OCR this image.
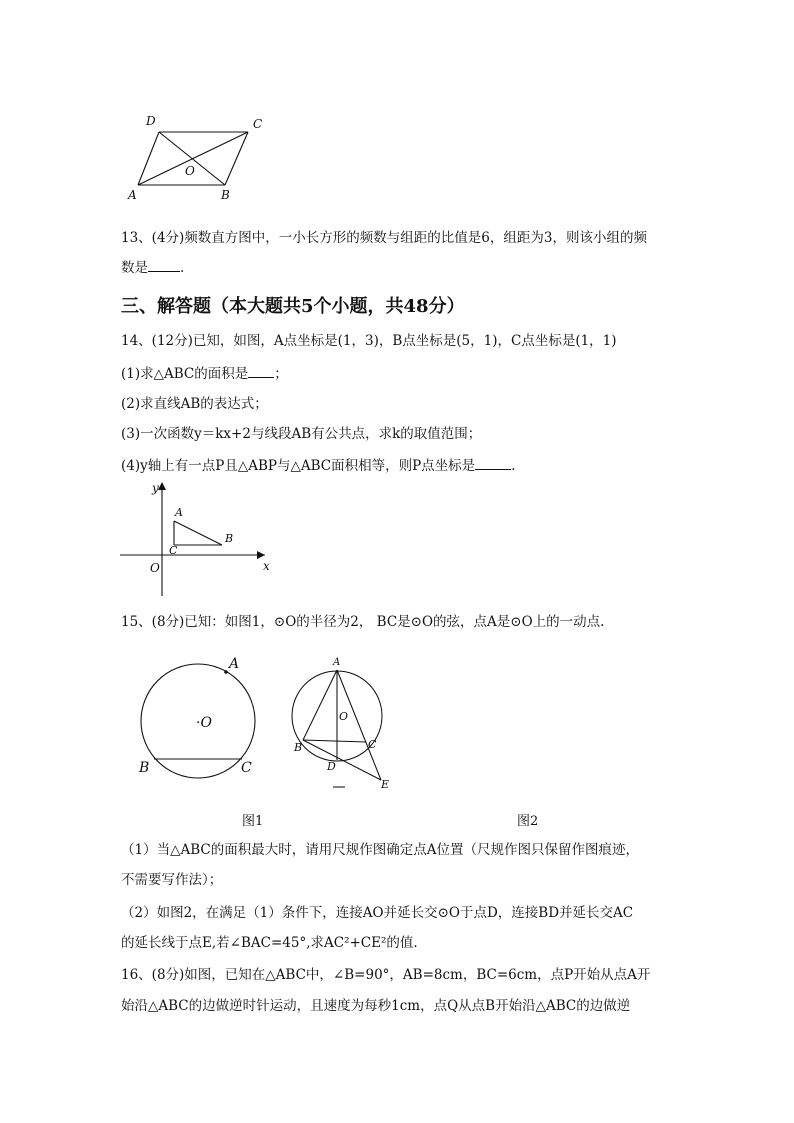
D	C
O
A	B
13、(4分)频数直方图中，一小长方形的频数与组距的比值是6，组距为3，则该小组的频
数是 .
三、解答题（本大题共5个小题，共48分）
14、(12分)已知，如图，A点坐标是(1，3)，B点坐标是(5，1)，C点坐标是(1，1)
(1)求△ABC的面积是 ；
(2)求直线AB的表达式；
(3)一次函数y＝kx+2与线段AB有公共点，求k的取值范围；
(4)y轴上有一点P且△ABP与△ABC面积相等，则P点坐标是	.
y
x
O
A
B
C
15、(8分)已知：如图1，⊙O的半径为2， BC是⊙O的弦，点A是⊙O上的一动点.
A
·O
B	C
A
O
B	C
D
E
图1	图2
（1）当△ABC的面积最大时，请用尺规作图确定点A位置（尺规作图只保留作图痕迹，
不需要写作法）；
（2）如图2，在满足（1）条件下，连接AO并延长交⊙O于点D，连接BD并延长交AC
的延长线于点E,若∠BAC=45°,求AC²+CE²的值.
16、(8分)如图，已知在△ABC中，∠B=90°，AB=8cm，BC=6cm，点P开始从点A开
始沿△ABC的边做逆时针运动，且速度为每秒1cm，点Q从点B开始沿△ABC的边做逆
